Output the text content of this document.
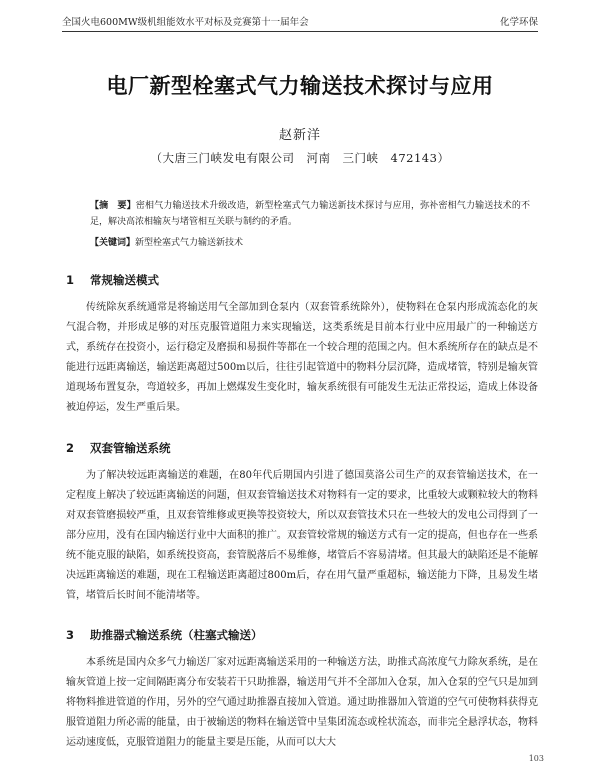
全国火电600MW级机组能效水平对标及竞赛第十一届年会	化学环保
电厂新型栓塞式气力输送技术探讨与应用
赵新洋
（大唐三门峡发电有限公司　河南　三门峡　472143）
【摘　要】密相气力输送技术升级改造，新型栓塞式气力输送新技术探讨与应用，弥补密相气力输送技术的不足，解决高浓相输灰与堵管相互关联与制约的矛盾。
【关键词】新型栓塞式气力输送新技术
1 常规输送模式
传统除灰系统通常是将输送用气全部加到仓泵内（双套管系统除外），使物料在仓泵内形成流态化的灰气混合物，并形成足够的对压克服管道阻力来实现输送，这类系统是目前本行业中应用最广的一种输送方式，系统存在投资小，运行稳定及磨损和易损件等都在一个较合理的范围之内。但木系统所存在的缺点是不能进行远距离输送，输送距离超过500m以后，往往引起管道中的物料分层沉降，造成堵管，特别是输灰管道现场布置复杂，弯道较多，再加上燃煤发生变化时，输灰系统很有可能发生无法正常投运，造成上体设备被迫停运，发生严重后果。
2 双套管输送系统
为了解决较远距离输送的难题，在80年代后期国内引进了德国莫洛公司生产的双套管输送技术，在一定程度上解决了较远距离输送的问题，但双套管输送技术对物料有一定的要求，比重较大或颗粒较大的物料对双套管磨损较严重，且双套管维修或更换等投资较大，所以双套管技术只在一些较大的发电公司得到了一部分应用，没有在国内输送行业中大面积的推广。双套管较常规的输送方式有一定的提高，但也存在一些系统不能克服的缺陷，如系统投资高，套管脱落后不易维修，堵管后不容易清堵。但其最大的缺陷还是不能解决远距离输送的难题，现在工程输送距离超过800m后，存在用气量严重超标，输送能力下降，且易发生堵管，堵管后长时间不能清堵等。
3 助推器式输送系统（柱塞式输送）
本系统是国内众多气力输送厂家对远距离输送采用的一种输送方法，助推式高浓度气力除灰系统，是在输灰管道上按一定间隔距离分布安装若干只助推器，输送用气并不全部加入仓泵，加入仓泵的空气只是加到将物料推进管道的作用，另外的空气通过助推器直接加入管道。通过助推器加入管道的空气可使物料获得克服管道阻力所必需的能量，由于被输送的物料在输送管中呈集团流态或栓状流态，而非完全悬浮状态，物料运动速度低，克服管道阻力的能量主要是压能，从而可以大大
103
